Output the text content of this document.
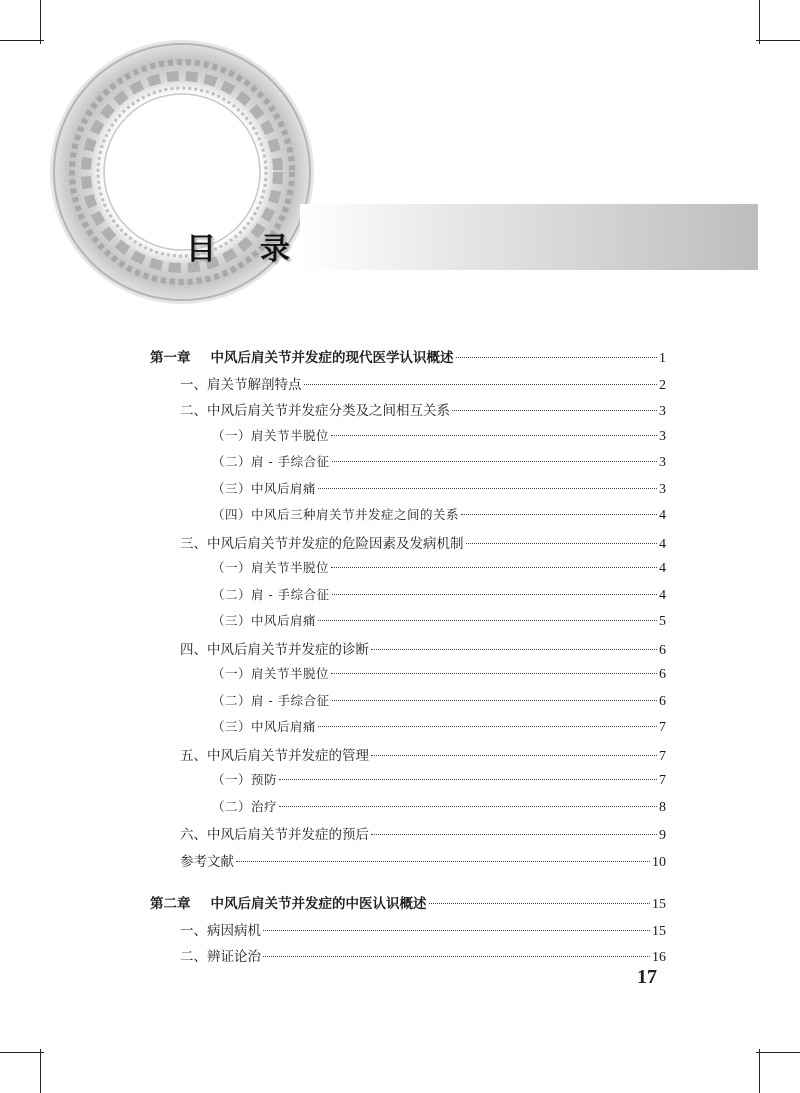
目 录
第一章 中风后肩关节并发症的现代医学认识概述	1
一、肩关节解剖特点	2
二、中风后肩关节并发症分类及之间相互关系	3
（一）肩关节半脱位	3
（二）肩 - 手综合征	3
（三）中风后肩痛	3
（四）中风后三种肩关节并发症之间的关系	4
三、中风后肩关节并发症的危险因素及发病机制	4
（一）肩关节半脱位	4
（二）肩 - 手综合征	4
（三）中风后肩痛	5
四、中风后肩关节并发症的诊断	6
（一）肩关节半脱位	6
（二）肩 - 手综合征	6
（三）中风后肩痛	7
五、中风后肩关节并发症的管理	7
（一）预防	7
（二）治疗	8
六、中风后肩关节并发症的预后	9
参考文献	10
第二章 中风后肩关节并发症的中医认识概述	15
一、病因病机	15
二、辨证论治	16
17
